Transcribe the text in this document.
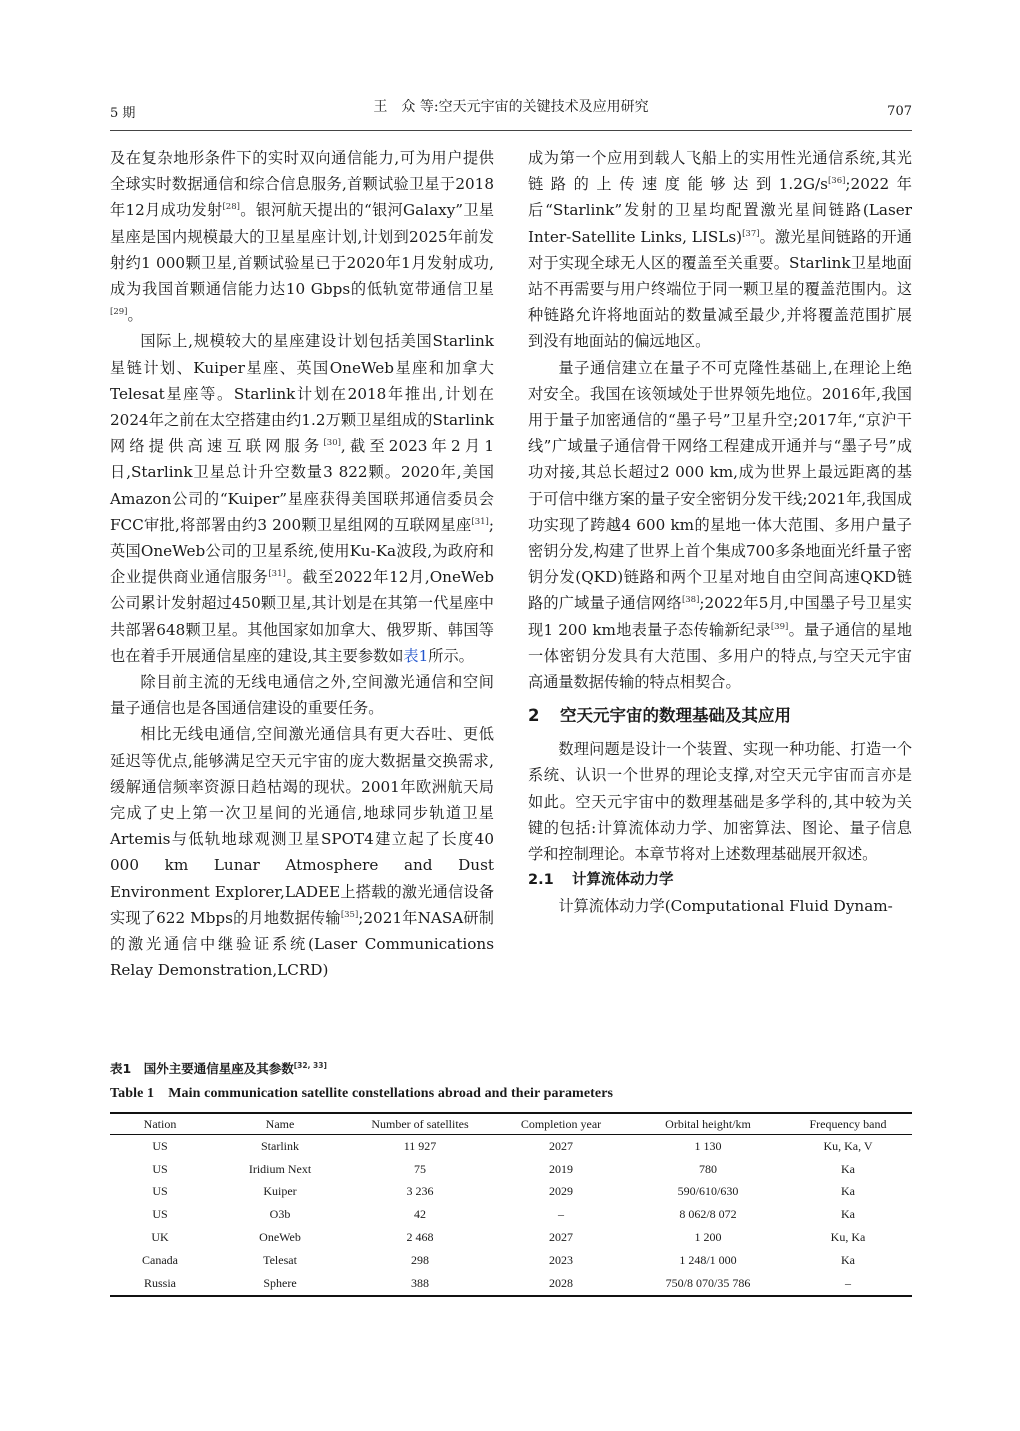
5 期	王　众 等:空天元宇宙的关键技术及应用研究	707

及在复杂地形条件下的实时双向通信能力,可为用户提供全球实时数据通信和综合信息服务,首颗试验卫星于2018年12月成功发射[28]。银河航天提出的“银河Galaxy”卫星星座是国内规模最大的卫星星座计划,计划到2025年前发射约1 000颗卫星,首颗试验星已于2020年1月发射成功,成为我国首颗通信能力达10 Gbps的低轨宽带通信卫星[29]。

国际上,规模较大的星座建设计划包括美国Starlink星链计划、Kuiper星座、英国OneWeb星座和加拿大Telesat星座等。Starlink计划在2018年推出,计划在2024年之前在太空搭建由约1.2万颗卫星组成的Starlink网络提供高速互联网服务[30],截至2023年2月1日,Starlink卫星总计升空数量3 822颗。2020年,美国Amazon公司的“Kuiper”星座获得美国联邦通信委员会FCC审批,将部署由约3 200颗卫星组网的互联网星座[31];英国OneWeb公司的卫星系统,使用Ku-Ka波段,为政府和企业提供商业通信服务[31]。截至2022年12月,OneWeb公司累计发射超过450颗卫星,其计划是在其第一代星座中共部署648颗卫星。其他国家如加拿大、俄罗斯、韩国等也在着手开展通信星座的建设,其主要参数如表1所示。

除目前主流的无线电通信之外,空间激光通信和空间量子通信也是各国通信建设的重要任务。

相比无线电通信,空间激光通信具有更大吞吐、更低延迟等优点,能够满足空天元宇宙的庞大数据量交换需求,缓解通信频率资源日趋枯竭的现状。2001年欧洲航天局完成了史上第一次卫星间的光通信,地球同步轨道卫星Artemis与低轨地球观测卫星SPOT4建立起了长度40 000 km Lunar Atmosphere and Dust Environment Explorer,LADEE上搭载的激光通信设备实现了622 Mbps的月地数据传输[35];2021年NASA研制的激光通信中继验证系统(Laser Communications Relay Demonstration,LCRD)

成为第一个应用到载人飞船上的实用性光通信系统,其光链路的上传速度能够达到1.2G/s[36];2022年后“Starlink”发射的卫星均配置激光星间链路(Laser Inter-Satellite Links, LISLs)[37]。激光星间链路的开通对于实现全球无人区的覆盖至关重要。Starlink卫星地面站不再需要与用户终端位于同一颗卫星的覆盖范围内。这种链路允许将地面站的数量减至最少,并将覆盖范围扩展到没有地面站的偏远地区。

量子通信建立在量子不可克隆性基础上,在理论上绝对安全。我国在该领域处于世界领先地位。2016年,我国用于量子加密通信的“墨子号”卫星升空;2017年,“京沪干线”广域量子通信骨干网络工程建成开通并与“墨子号”成功对接,其总长超过2 000 km,成为世界上最远距离的基于可信中继方案的量子安全密钥分发干线;2021年,我国成功实现了跨越4 600 km的星地一体大范围、多用户量子密钥分发,构建了世界上首个集成700多条地面光纤量子密钥分发(QKD)链路和两个卫星对地自由空间高速QKD链路的广域量子通信网络[38];2022年5月,中国墨子号卫星实现1 200 km地表量子态传输新纪录[39]。量子通信的星地一体密钥分发具有大范围、多用户的特点,与空天元宇宙高通量数据传输的特点相契合。

2 空天元宇宙的数理基础及其应用

数理问题是设计一个装置、实现一种功能、打造一个系统、认识一个世界的理论支撑,对空天元宇宙而言亦是如此。空天元宇宙中的数理基础是多学科的,其中较为关键的包括:计算流体动力学、加密算法、图论、量子信息学和控制理论。本章节将对上述数理基础展开叙述。

2.1 计算流体动力学

计算流体动力学(Computational Fluid Dynam-

表1　国外主要通信星座及其参数[32, 33]
Table 1　Main communication satellite constellations abroad and their parameters
Nation	Name	Number of satellites	Completion year	Orbital height/km	Frequency band
US	Starlink	11 927	2027	1 130	Ku, Ka, V
US	Iridium Next	75	2019	780	Ka
US	Kuiper	3 236	2029	590/610/630	Ka
US	O3b	42	–	8 062/8 072	Ka
UK	OneWeb	2 468	2027	1 200	Ku, Ka
Canada	Telesat	298	2023	1 248/1 000	Ka
Russia	Sphere	388	2028	750/8 070/35 786	–
